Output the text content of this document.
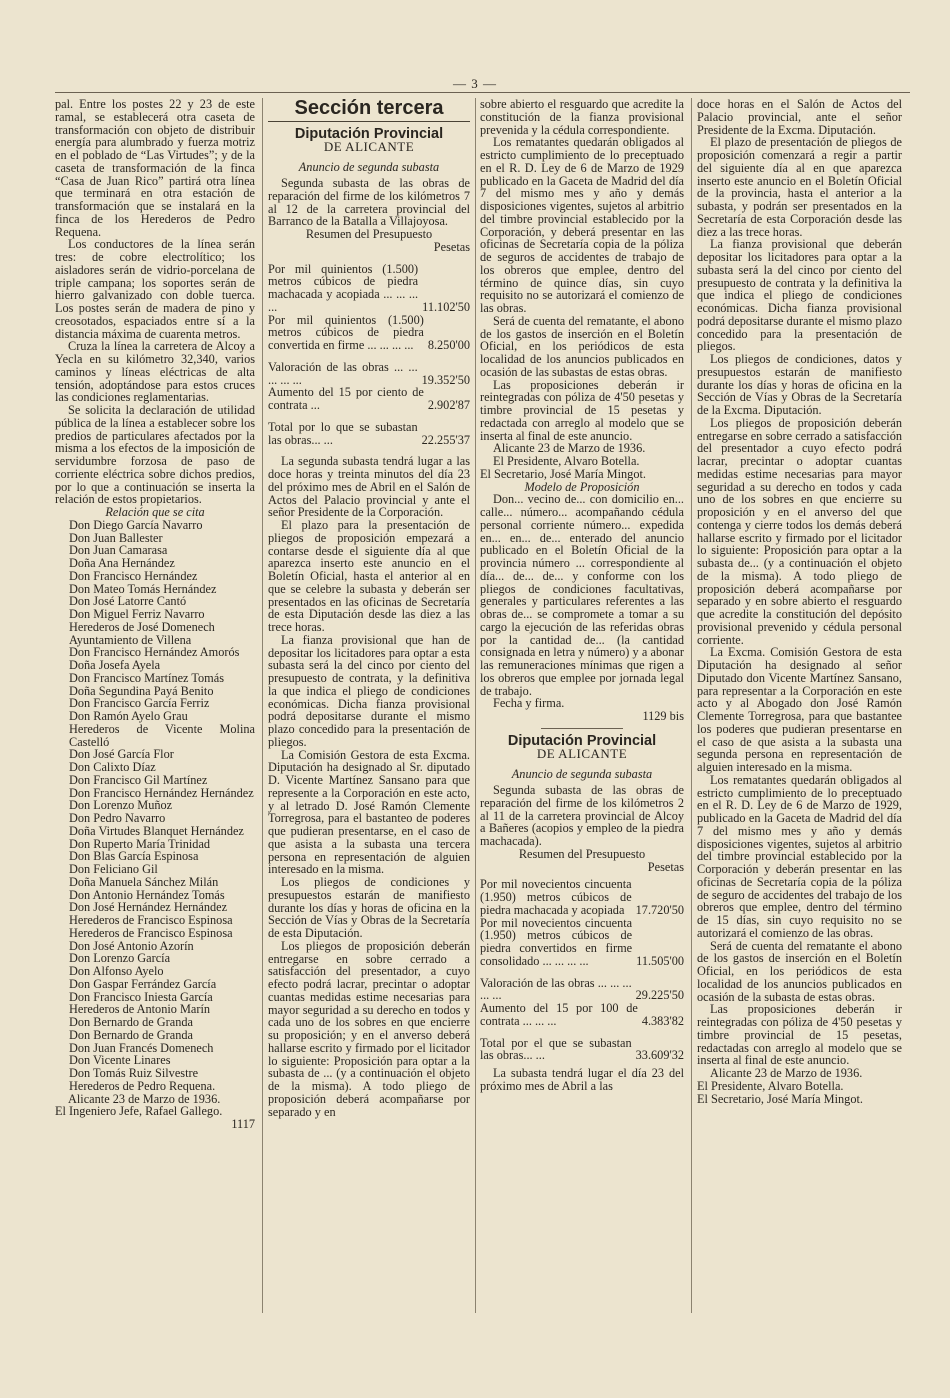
— 3 —

pal. Entre los postes 22 y 23 de este ramal, se establecerá otra caseta de transformación con objeto de distribuir energía para alumbrado y fuerza motriz en el poblado de “Las Virtudes”; y de la caseta de transformación de la finca “Casa de Juan Rico” partirá otra línea que terminará en otra estación de transformación que se instalará en la finca de los Herederos de Pedro Requena.

Los conductores de la línea serán tres: de cobre electrolítico; los aisladores serán de vidrio-porcelana de triple campana; los soportes serán de hierro galvanizado con doble tuerca. Los postes serán de madera de pino y creosotados, espaciados entre sí a la distancia máxima de cuarenta metros.

Cruza la línea la carretera de Alcoy a Yecla en su kilómetro 32,340, varios caminos y líneas eléctricas de alta tensión, adoptándose para estos cruces las condiciones reglamentarias.

Se solicita la declaración de utilidad pública de la línea a establecer sobre los predios de particulares afectados por la misma a los efectos de la imposición de servidumbre forzosa de paso de corriente eléctrica sobre dichos predios, por lo que a continuación se inserta la relación de estos propietarios.

Relación que se cita

Don Diego García Navarro
Don Juan Ballester
Don Juan Camarasa
Doña Ana Hernández
Don Francisco Hernández
Don Mateo Tomás Hernández
Don José Latorre Cantó
Don Miguel Ferriz Navarro
Herederos de José Domenech
Ayuntamiento de Villena
Don Francisco Hernández Amorós
Doña Josefa Ayela
Don Francisco Martínez Tomás
Doña Segundina Payá Benito
Don Francisco García Ferriz
Don Ramón Ayelo Grau
Herederos de Vicente Molina Castelló
Don José García Flor
Don Calixto Díaz
Don Francisco Gil Martínez
Don Francisco Hernández Hernández
Don Lorenzo Muñoz
Don Pedro Navarro
Doña Virtudes Blanquet Hernández
Don Ruperto María Trinidad
Don Blas García Espinosa
Don Feliciano Gil
Doña Manuela Sánchez Milán
Don Antonio Hernández Tomás
Don José Hernández Hernández
Herederos de Francisco Espinosa
Herederos de Francisco Espinosa
Don José Antonio Azorín
Don Lorenzo García
Don Alfonso Ayelo
Don Gaspar Ferrández García
Don Francisco Iniesta García
Herederos de Antonio Marín
Don Bernardo de Granda
Don Bernardo de Granda
Don Juan Francés Domenech
Don Vicente Linares
Don Tomás Ruiz Silvestre
Herederos de Pedro Requena.

Alicante 23 de Marzo de 1936.

El Ingeniero Jefe, Rafael Gallego.

1117

Sección tercera
Diputación Provincial
DE ALICANTE
Anuncio de segunda subasta

Segunda subasta de las obras de reparación del firme de los kilómetros 7 al 12 de la carretera provincial del Barranco de la Batalla a Villajoyosa.

Resumen del Presupuesto

Pesetas

Por mil quinientos (1.500) metros cúbicos de piedra machacada y acopiada ... ... ... ...	11.102'50
Por mil quinientos (1.500) metros cúbicos de piedra convertida en firme ... ... ... ...	8.250'00
Valoración de las obras ... ... ... ... ...	19.352'50
Aumento del 15 por ciento de contrata ...	2.902'87
Total por lo que se subastan las obras... ...	22.255'37

La segunda subasta tendrá lugar a las doce horas y treinta minutos del día 23 del próximo mes de Abril en el Salón de Actos del Palacio provincial y ante el señor Presidente de la Corporación.

El plazo para la presentación de pliegos de proposición empezará a contarse desde el siguiente día al que aparezca inserto este anuncio en el Boletín Oficial, hasta el anterior al en que se celebre la subasta y deberán ser presentados en las oficinas de Secretaría de esta Diputación desde las diez a las trece horas.

La fianza provisional que han de depositar los licitadores para optar a esta subasta será la del cinco por ciento del presupuesto de contrata, y la definitiva la que indica el pliego de condiciones económicas. Dicha fianza provisional podrá depositarse durante el mismo plazo concedido para la presentación de pliegos.

La Comisión Gestora de esta Excma. Diputación ha designado al Sr. diputado D. Vicente Martínez Sansano para que represente a la Corporación en este acto, y al letrado D. José Ramón Clemente Torregrosa, para el bastanteo de poderes que pudieran presentarse, en el caso de que asista a la subasta una tercera persona en representación de alguien interesado en la misma.

Los pliegos de condiciones y presupuestos estarán de manifiesto durante los días y horas de oficina en la Sección de Vías y Obras de la Secretaría de esta Diputación.

Los pliegos de proposición deberán entregarse en sobre cerrado a satisfacción del presentador, a cuyo efecto podrá lacrar, precintar o adoptar cuantas medidas estime necesarias para mayor seguridad a su derecho en todos y cada uno de los sobres en que encierre su proposición; y en el anverso deberá hallarse escrito y firmado por el licitador lo siguiente: Proposición para optar a la subasta de ... (y a continuación el objeto de la misma). A todo pliego de proposición deberá acompañarse por separado y en

sobre abierto el resguardo que acredite la constitución de la fianza provisional prevenida y la cédula correspondiente.

Los rematantes quedarán obligados al estricto cumplimiento de lo preceptuado en el R. D. Ley de 6 de Marzo de 1929 publicado en la Gaceta de Madrid del día 7 del mismo mes y año y demás disposiciones vigentes, sujetos al arbitrio del timbre provincial establecido por la Corporación, y deberá presentar en las oficinas de Secretaría copia de la póliza de seguros de accidentes de trabajo de los obreros que emplee, dentro del término de quince días, sin cuyo requisito no se autorizará el comienzo de las obras.

Será de cuenta del rematante, el abono de los gastos de inserción en el Boletín Oficial, en los periódicos de esta localidad de los anuncios publicados en ocasión de las subastas de estas obras.

Las proposiciones deberán ir reintegradas con póliza de 4'50 pesetas y timbre provincial de 15 pesetas y redactada con arreglo al modelo que se inserta al final de este anuncio.

Alicante 23 de Marzo de 1936.

El Presidente, Alvaro Botella.

El Secretario, José María Mingot.

Modelo de Proposición

Don... vecino de... con domicilio en... calle... número... acompañando cédula personal corriente número... expedida en... en... de... enterado del anuncio publicado en el Boletín Oficial de la provincia número ... correspondiente al día... de... de... y conforme con los pliegos de condiciones facultativas, generales y particulares referentes a las obras de... se compromete a tomar a su cargo la ejecución de las referidas obras por la cantidad de... (la cantidad consignada en letra y número) y a abonar las remuneraciones mínimas que rigen a los obreros que emplee por jornada legal de trabajo.

Fecha y firma.

1129 bis

Diputación Provincial
DE ALICANTE
Anuncio de segunda subasta

Segunda subasta de las obras de reparación del firme de los kilómetros 2 al 11 de la carretera provincial de Alcoy a Bañeres (acopios y empleo de la piedra machacada).

Resumen del Presupuesto

Pesetas

Por mil novecientos cincuenta (1.950) metros cúbicos de piedra machacada y acopiada 17.720'50
Por mil novecientos cincuenta (1.950) metros cúbicos de piedra convertidos en firme consolidado ... ... ... ...	11.505'00
Valoración de las obras ... ... ... ... ...	29.225'50
Aumento del 15 por 100 de contrata ... ... ...	4.383'82
Total por el que se subastan las obras... ...	33.609'32

La subasta tendrá lugar el día 23 del próximo mes de Abril a las

doce horas en el Salón de Actos del Palacio provincial, ante el señor Presidente de la Excma. Diputación.

El plazo de presentación de pliegos de proposición comenzará a regir a partir del siguiente día al en que aparezca inserto este anuncio en el Boletín Oficial de la provincia, hasta el anterior a la subasta, y podrán ser presentados en la Secretaría de esta Corporación desde las diez a las trece horas.

La fianza provisional que deberán depositar los licitadores para optar a la subasta será la del cinco por ciento del presupuesto de contrata y la definitiva la que indica el pliego de condiciones económicas. Dicha fianza provisional podrá depositarse durante el mismo plazo concedido para la presentación de pliegos.

Los pliegos de condiciones, datos y presupuestos estarán de manifiesto durante los días y horas de oficina en la Sección de Vías y Obras de la Secretaría de la Excma. Diputación.

Los pliegos de proposición deberán entregarse en sobre cerrado a satisfacción del presentador a cuyo efecto podrá lacrar, precintar o adoptar cuantas medidas estime necesarias para mayor seguridad a su derecho en todos y cada uno de los sobres en que encierre su proposición y en el anverso del que contenga y cierre todos los demás deberá hallarse escrito y firmado por el licitador lo siguiente: Proposición para optar a la subasta de... (y a continuación el objeto de la misma). A todo pliego de proposición deberá acompañarse por separado y en sobre abierto el resguardo que acredite la constitución del depósito provisional prevenido y cédula personal corriente.

La Excma. Comisión Gestora de esta Diputación ha designado al señor Diputado don Vicente Martínez Sansano, para representar a la Corporación en este acto y al Abogado don José Ramón Clemente Torregrosa, para que bastantee los poderes que pudieran presentarse en el caso de que asista a la subasta una segunda persona en representación de alguien interesado en la misma.

Los rematantes quedarán obligados al estricto cumplimiento de lo preceptuado en el R. D. Ley de 6 de Marzo de 1929, publicado en la Gaceta de Madrid del día 7 del mismo mes y año y demás disposiciones vigentes, sujetos al arbitrio del timbre provincial establecido por la Corporación y deberán presentar en las oficinas de Secretaría copia de la póliza de seguro de accidentes del trabajo de los obreros que emplee, dentro del término de 15 días, sin cuyo requisito no se autorizará el comienzo de las obras.

Será de cuenta del rematante el abono de los gastos de inserción en el Boletín Oficial, en los periódicos de esta localidad de los anuncios publicados en ocasión de la subasta de estas obras.

Las proposiciones deberán ir reintegradas con póliza de 4'50 pesetas y timbre provincial de 15 pesetas, redactadas con arreglo al modelo que se inserta al final de este anuncio.

Alicante 23 de Marzo de 1936.

El Presidente, Alvaro Botella.

El Secretario, José María Mingot.
